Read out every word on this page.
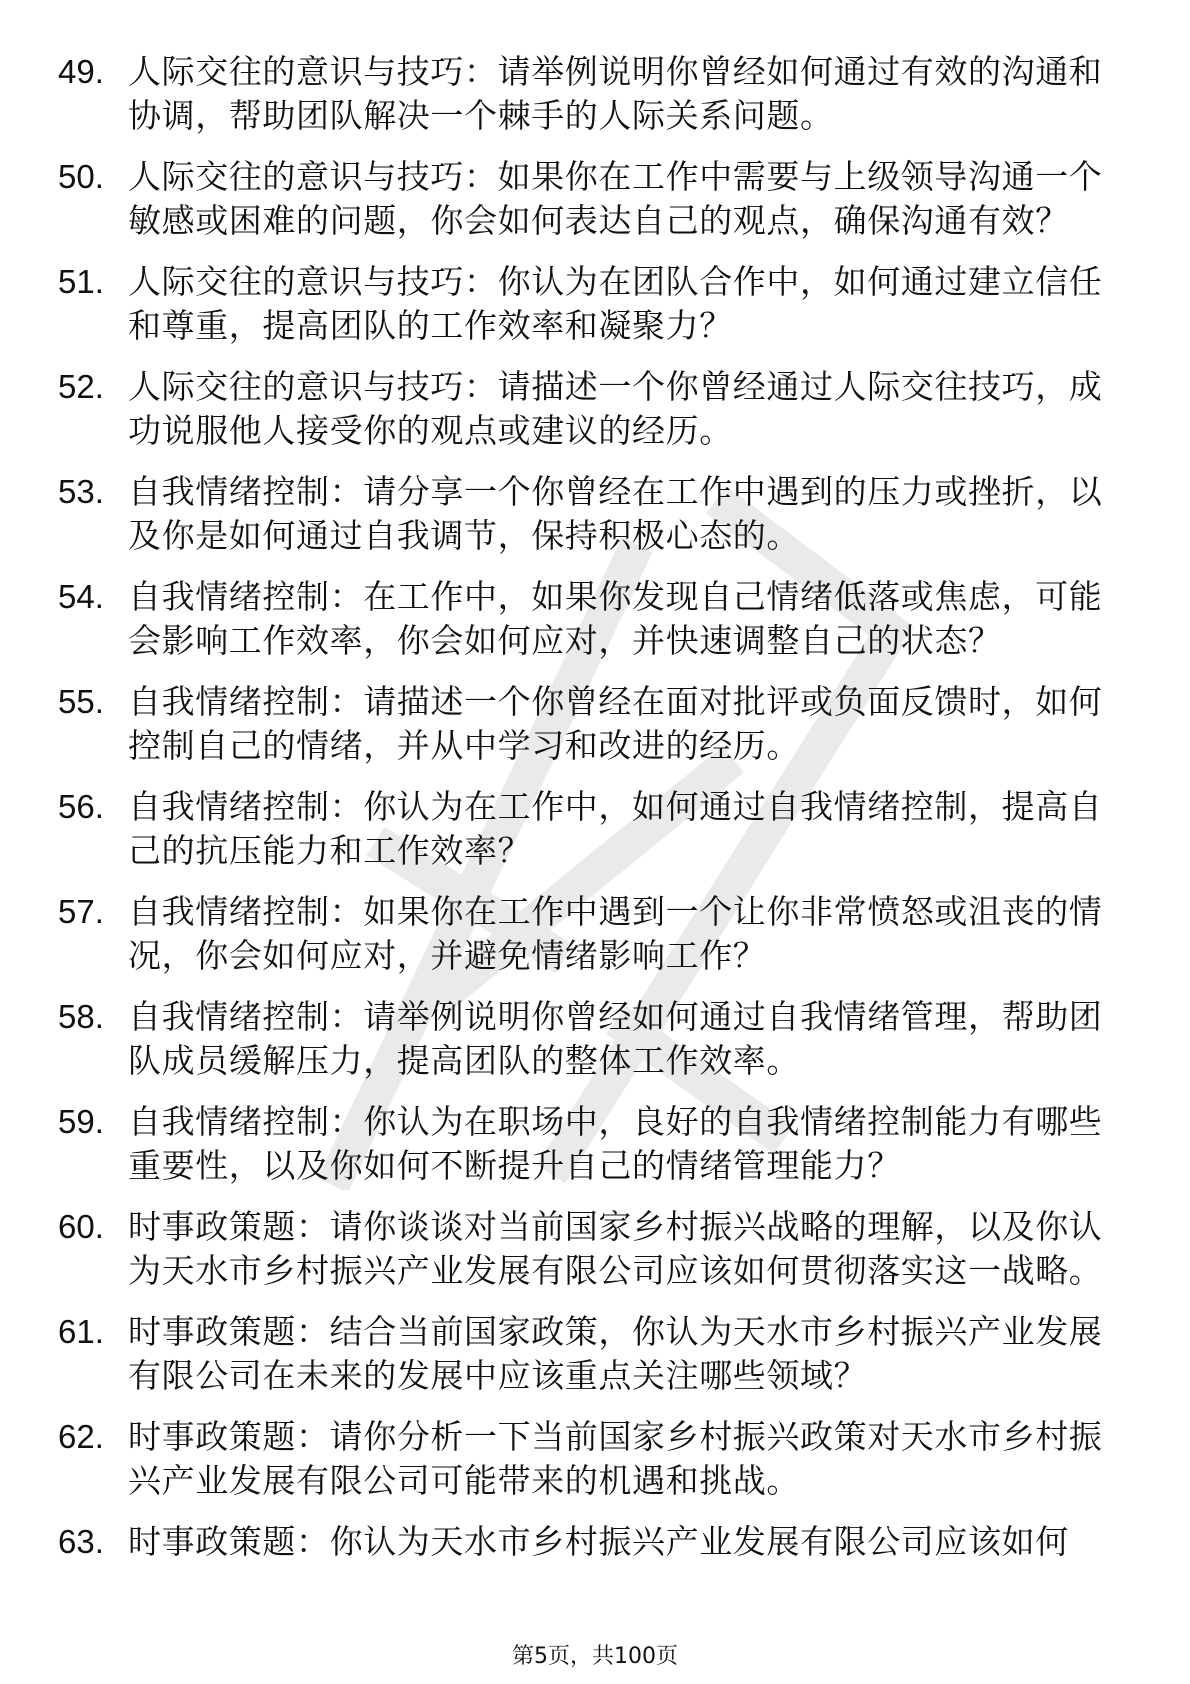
49. 人际交往的意识与技巧：请举例说明你曾经如何通过有效的沟通和协调，帮助团队解决一个棘手的人际关系问题。
50. 人际交往的意识与技巧：如果你在工作中需要与上级领导沟通一个敏感或困难的问题，你会如何表达自己的观点，确保沟通有效？
51. 人际交往的意识与技巧：你认为在团队合作中，如何通过建立信任和尊重，提高团队的工作效率和凝聚力？
52. 人际交往的意识与技巧：请描述一个你曾经通过人际交往技巧，成功说服他人接受你的观点或建议的经历。
53. 自我情绪控制：请分享一个你曾经在工作中遇到的压力或挫折，以及你是如何通过自我调节，保持积极心态的。
54. 自我情绪控制：在工作中，如果你发现自己情绪低落或焦虑，可能会影响工作效率，你会如何应对，并快速调整自己的状态？
55. 自我情绪控制：请描述一个你曾经在面对批评或负面反馈时，如何控制自己的情绪，并从中学习和改进的经历。
56. 自我情绪控制：你认为在工作中，如何通过自我情绪控制，提高自己的抗压能力和工作效率？
57. 自我情绪控制：如果你在工作中遇到一个让你非常愤怒或沮丧的情况，你会如何应对，并避免情绪影响工作？
58. 自我情绪控制：请举例说明你曾经如何通过自我情绪管理，帮助团队成员缓解压力，提高团队的整体工作效率。
59. 自我情绪控制：你认为在职场中，良好的自我情绪控制能力有哪些重要性，以及你如何不断提升自己的情绪管理能力？
60. 时事政策题：请你谈谈对当前国家乡村振兴战略的理解，以及你认为天水市乡村振兴产业发展有限公司应该如何贯彻落实这一战略。
61. 时事政策题：结合当前国家政策，你认为天水市乡村振兴产业发展有限公司在未来的发展中应该重点关注哪些领域？
62. 时事政策题：请你分析一下当前国家乡村振兴政策对天水市乡村振兴产业发展有限公司可能带来的机遇和挑战。
63. 时事政策题：你认为天水市乡村振兴产业发展有限公司应该如何
第5页，共100页
